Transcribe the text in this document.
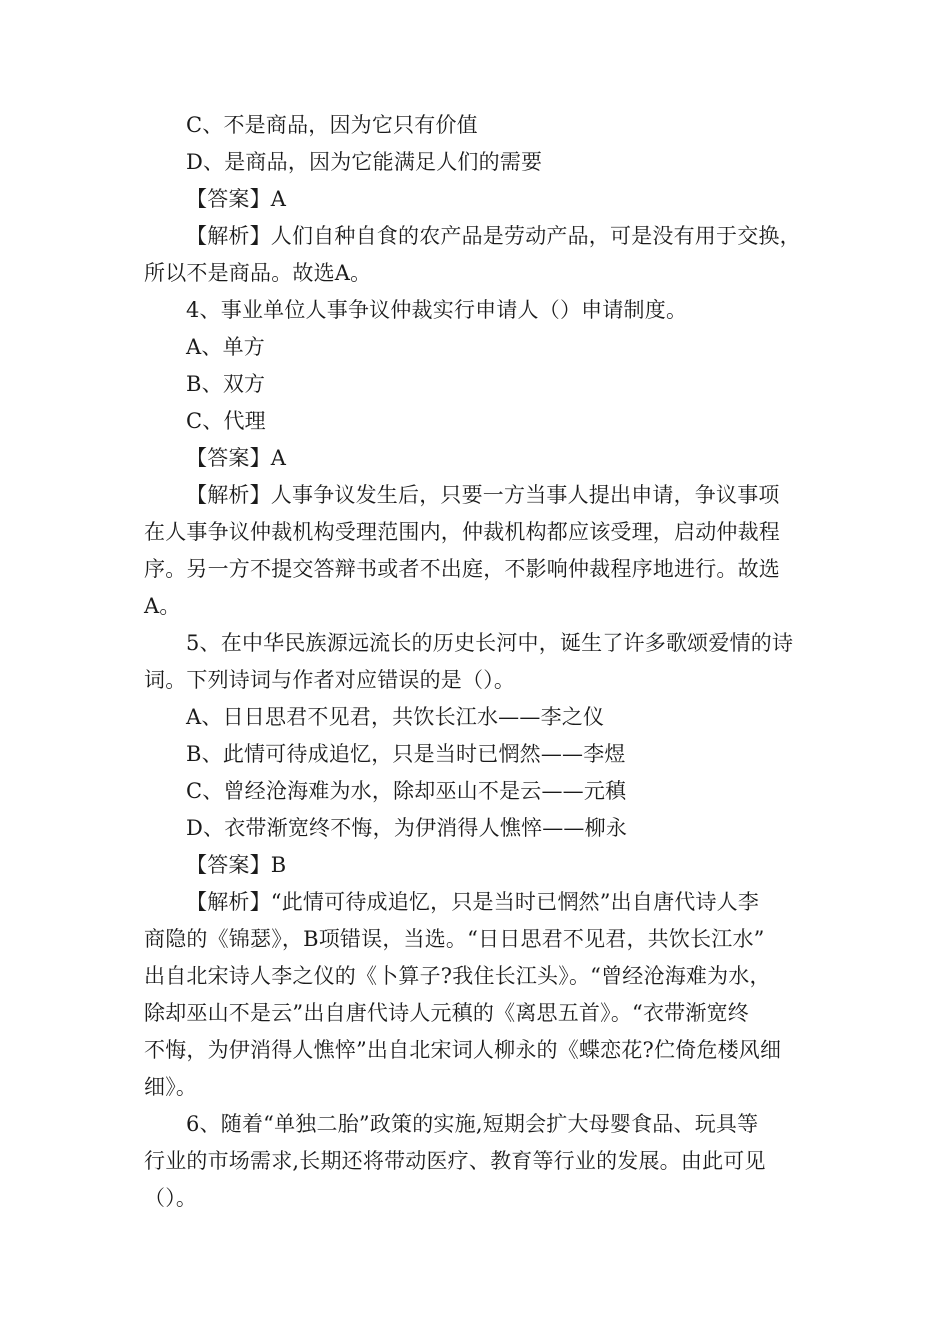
C、不是商品，因为它只有价值
D、是商品，因为它能满足人们的需要
【答案】A
【解析】人们自种自食的农产品是劳动产品，可是没有用于交换，
所以不是商品。故选A。
4、事业单位人事争议仲裁实行申请人（）申请制度。
A、单方
B、双方
C、代理
【答案】A
【解析】人事争议发生后，只要一方当事人提出申请，争议事项
在人事争议仲裁机构受理范围内，仲裁机构都应该受理，启动仲裁程
序。另一方不提交答辩书或者不出庭，不影响仲裁程序地进行。故选
A。
5、在中华民族源远流长的历史长河中，诞生了许多歌颂爱情的诗
词。下列诗词与作者对应错误的是（）。
A、日日思君不见君，共饮长江水——李之仪
B、此情可待成追忆，只是当时已惘然——李煜
C、曾经沧海难为水，除却巫山不是云——元稹
D、衣带渐宽终不悔，为伊消得人憔悴——柳永
【答案】B
【解析】“此情可待成追忆，只是当时已惘然”出自唐代诗人李
商隐的《锦瑟》，B项错误，当选。“日日思君不见君，共饮长江水”
出自北宋诗人李之仪的《卜算子?我住长江头》。“曾经沧海难为水，
除却巫山不是云”出自唐代诗人元稹的《离思五首》。“衣带渐宽终
不悔，为伊消得人憔悴”出自北宋词人柳永的《蝶恋花?伫倚危楼风细
细》。
6、随着“单独二胎”政策的实施,短期会扩大母婴食品、玩具等
行业的市场需求,长期还将带动医疗、教育等行业的发展。由此可见
（）。
